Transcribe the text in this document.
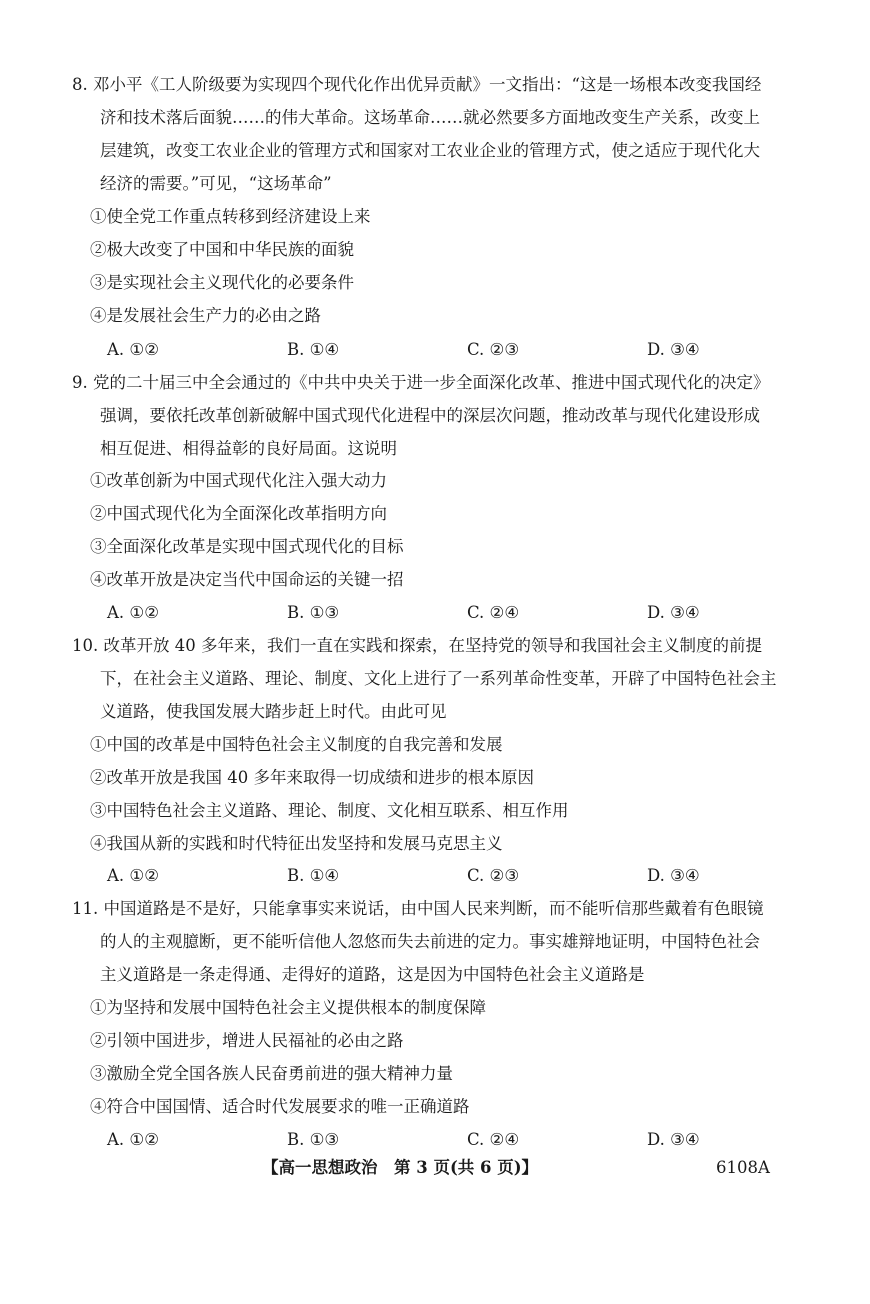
8. 邓小平《工人阶级要为实现四个现代化作出优异贡献》一文指出：“这是一场根本改变我国经
济和技术落后面貌……的伟大革命。这场革命……就必然要多方面地改变生产关系，改变上
层建筑，改变工农业企业的管理方式和国家对工农业企业的管理方式，使之适应于现代化大
经济的需要。”可见，“这场革命”
①使全党工作重点转移到经济建设上来
②极大改变了中国和中华民族的面貌
③是实现社会主义现代化的必要条件
④是发展社会生产力的必由之路
A. ①②	B. ①④	C. ②③	D. ③④
9. 党的二十届三中全会通过的《中共中央关于进一步全面深化改革、推进中国式现代化的决定》
强调，要依托改革创新破解中国式现代化进程中的深层次问题，推动改革与现代化建设形成
相互促进、相得益彰的良好局面。这说明
①改革创新为中国式现代化注入强大动力
②中国式现代化为全面深化改革指明方向
③全面深化改革是实现中国式现代化的目标
④改革开放是决定当代中国命运的关键一招
A. ①②	B. ①③	C. ②④	D. ③④
10. 改革开放 40 多年来，我们一直在实践和探索，在坚持党的领导和我国社会主义制度的前提
下，在社会主义道路、理论、制度、文化上进行了一系列革命性变革，开辟了中国特色社会主
义道路，使我国发展大踏步赶上时代。由此可见
①中国的改革是中国特色社会主义制度的自我完善和发展
②改革开放是我国 40 多年来取得一切成绩和进步的根本原因
③中国特色社会主义道路、理论、制度、文化相互联系、相互作用
④我国从新的实践和时代特征出发坚持和发展马克思主义
A. ①②	B. ①④	C. ②③	D. ③④
11. 中国道路是不是好，只能拿事实来说话，由中国人民来判断，而不能听信那些戴着有色眼镜
的人的主观臆断，更不能听信他人忽悠而失去前进的定力。事实雄辩地证明，中国特色社会
主义道路是一条走得通、走得好的道路，这是因为中国特色社会主义道路是
①为坚持和发展中国特色社会主义提供根本的制度保障
②引领中国进步，增进人民福祉的必由之路
③激励全党全国各族人民奋勇前进的强大精神力量
④符合中国国情、适合时代发展要求的唯一正确道路
A. ①②	B. ①③	C. ②④	D. ③④
【高一思想政治　第 3 页(共 6 页)】	6108A
